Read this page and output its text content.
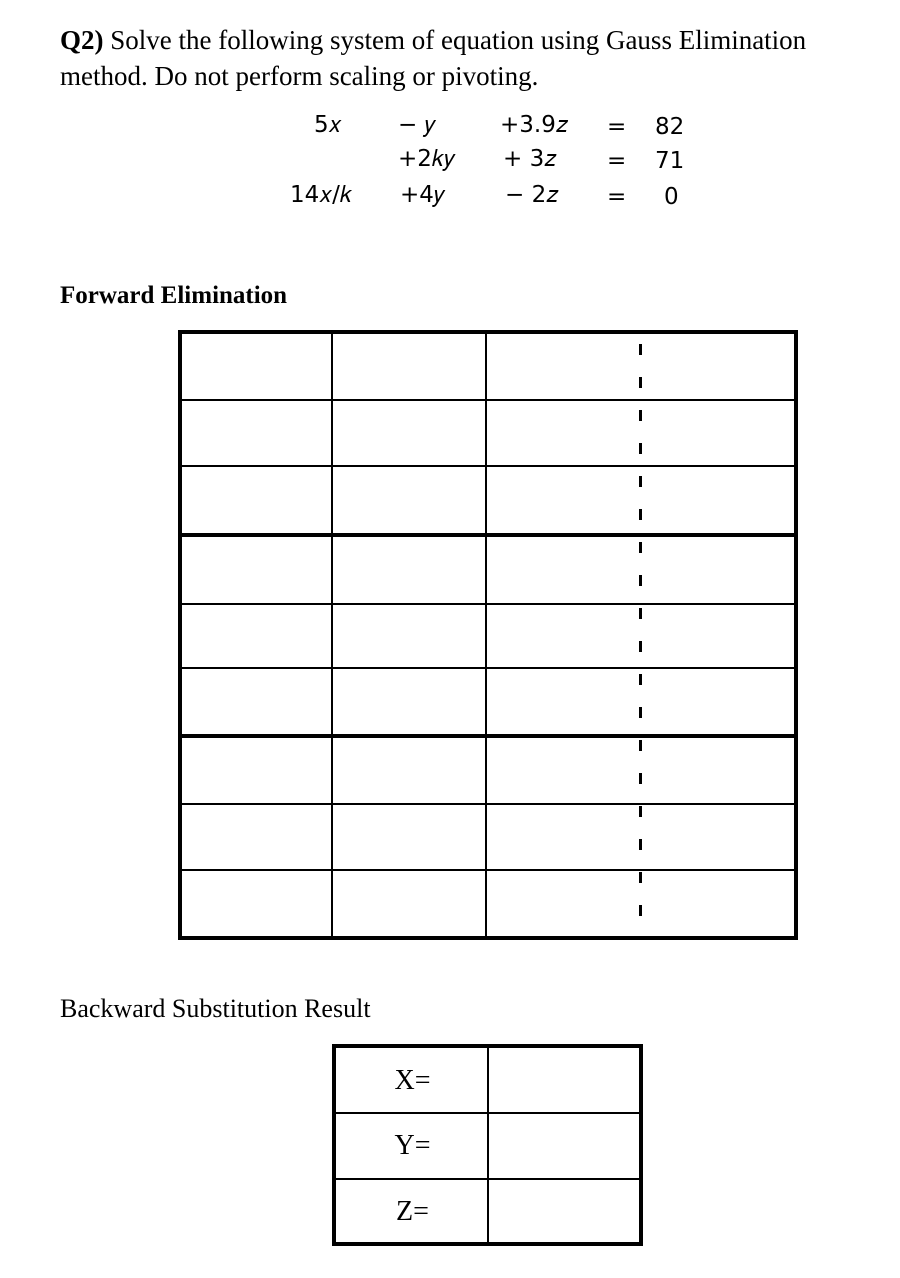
Q2) Solve the following system of equation using Gauss Elimination
method. Do not perform scaling or pivoting.
5𝑥 − 𝑦	+3.9𝑧 = 82
+2𝑘𝑦 + 3𝑧 = 71
14𝑥/𝑘 +4𝑦	− 2𝑧 = 0
Forward Elimination
Backward Substitution Result
X=
Y=
Z=
